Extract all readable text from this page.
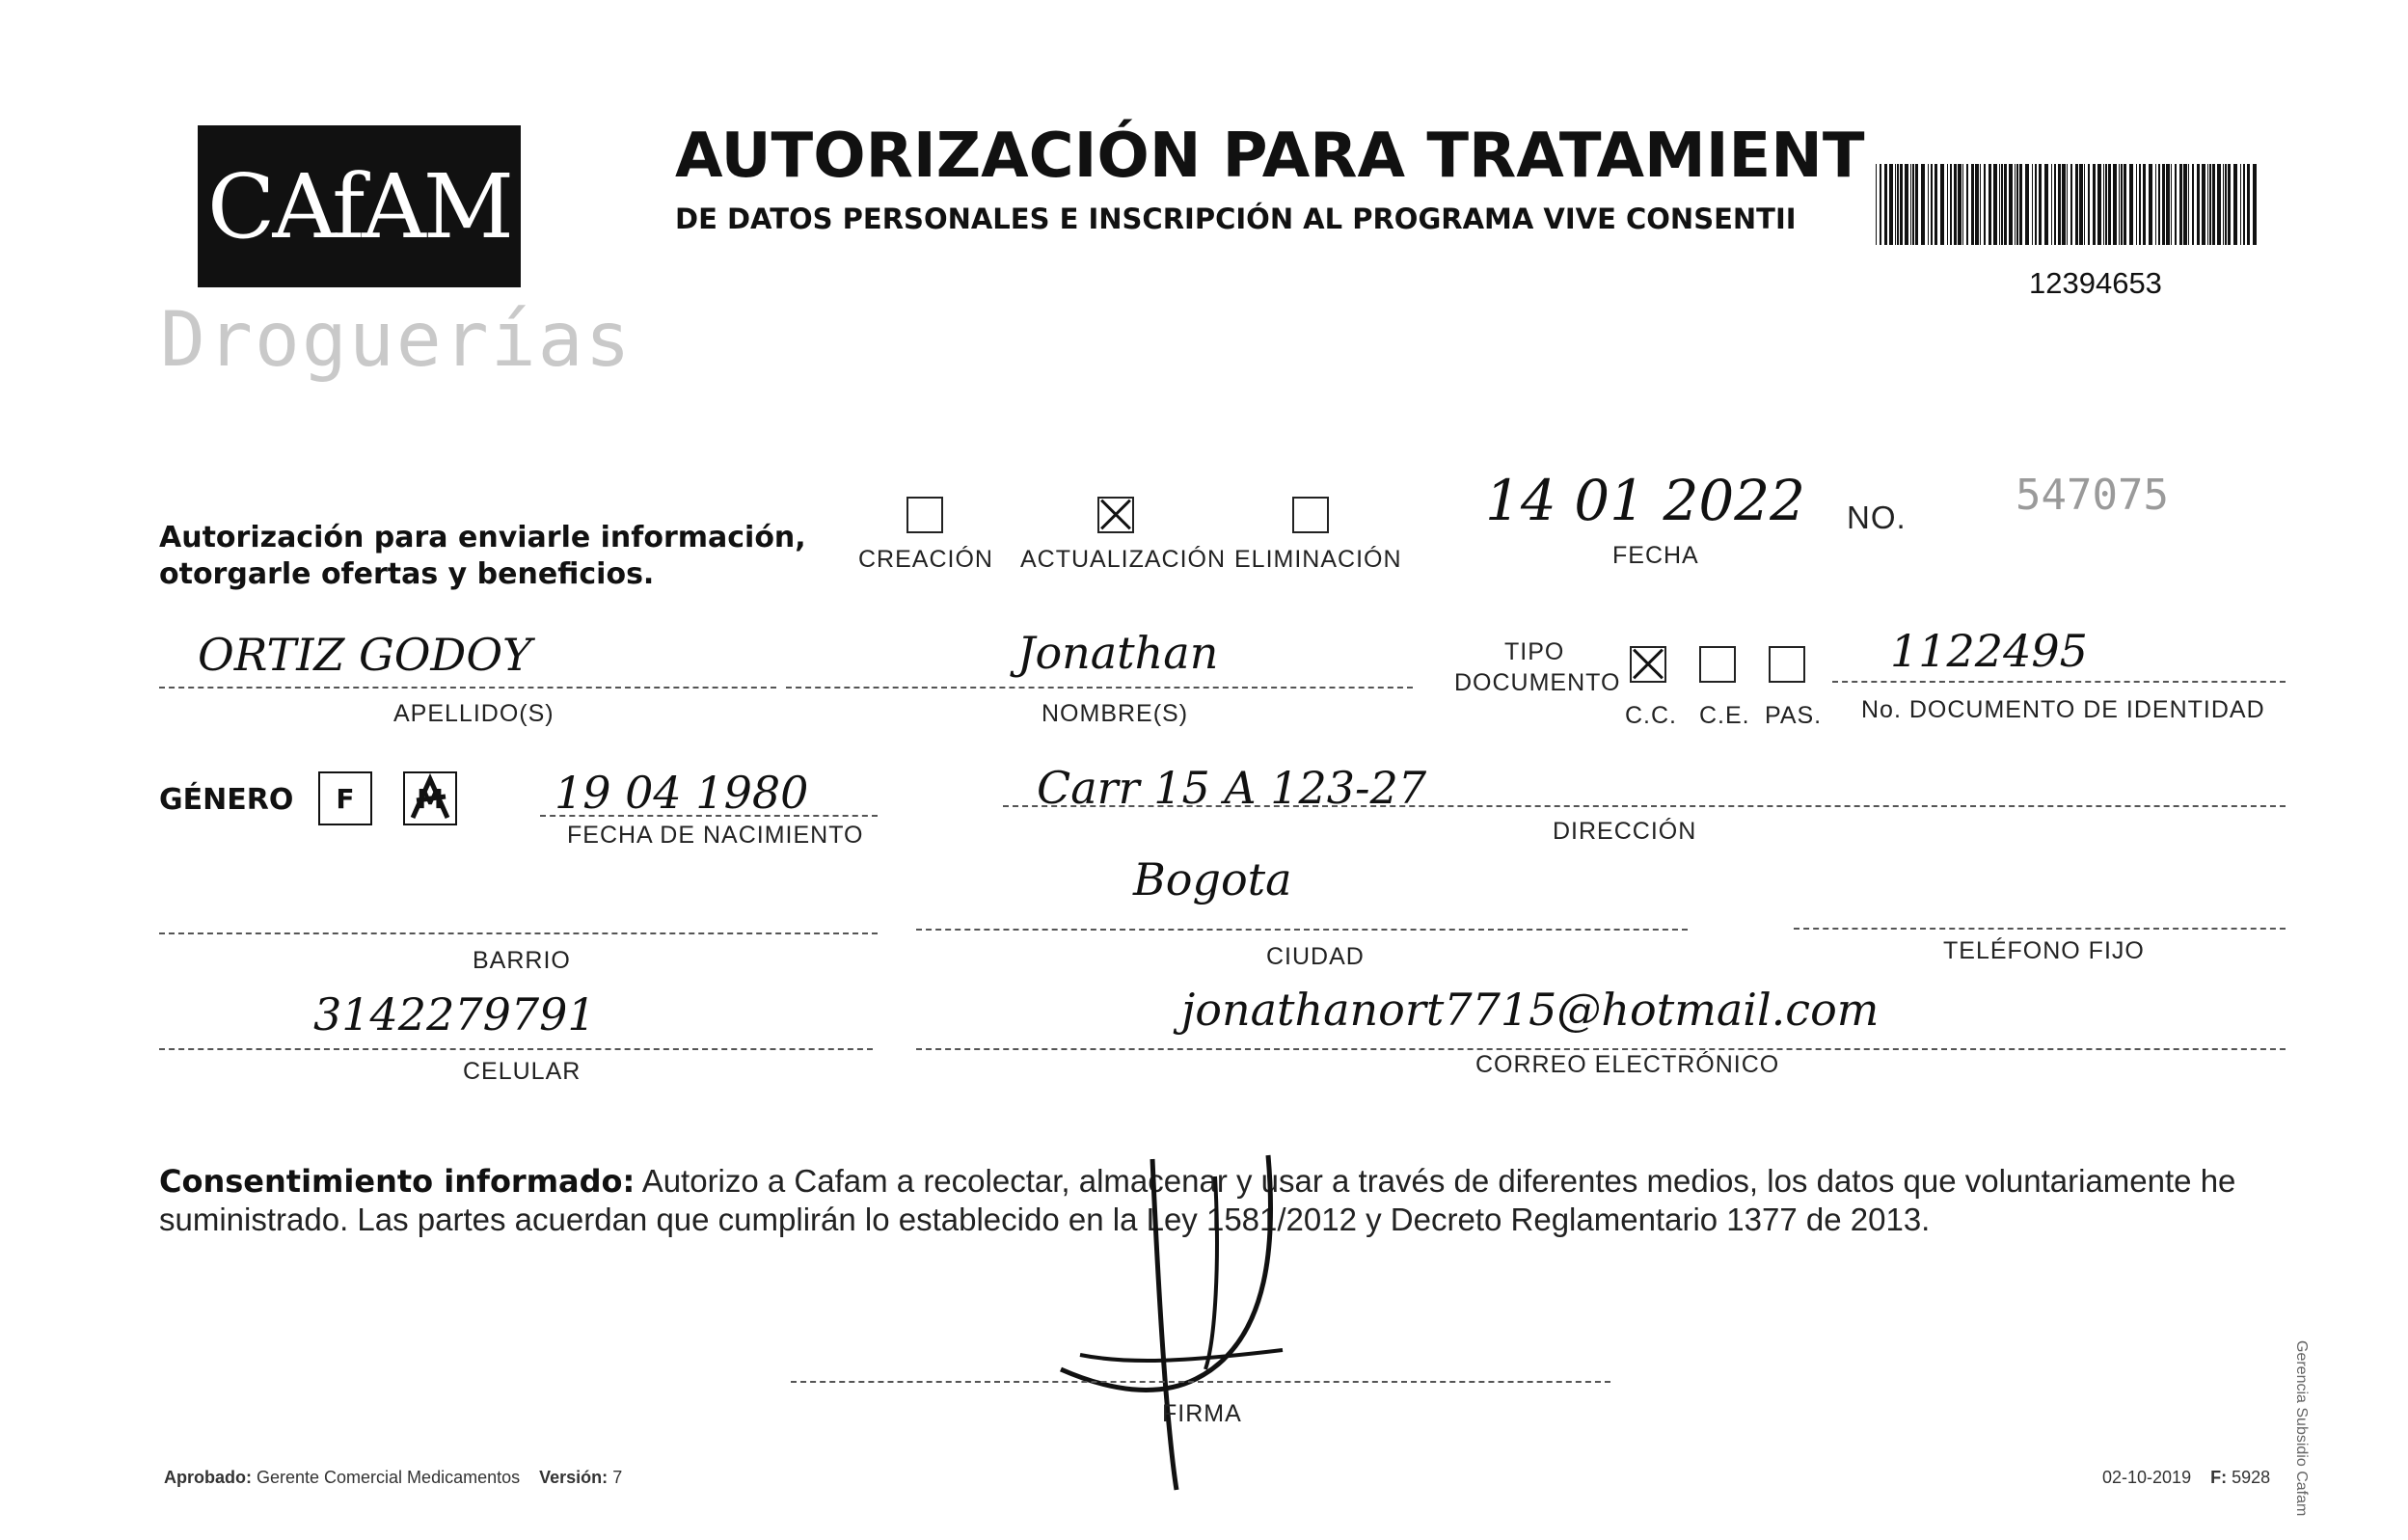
CAfAM
Droguerías
AUTORIZACIÓN PARA TRATAMIENT
DE DATOS PERSONALES E INSCRIPCIÓN AL PROGRAMA VIVE CONSENTII
12394653
Autorización para enviarle información,
otorgarle ofertas y beneficios.	CREACIÓN ACTUALIZACIÓN ELIMINACIÓN
14 01 2022
FECHA
NO.	547075
ORTIZ GODOY
APELLIDO(S)
Jonathan
NOMBRE(S)
TIPO
DOCUMENTO
C.C. C.E. PAS.
1122495
No. DOCUMENTO DE IDENTIDAD
GÉNERO F M	19 04 1980
FECHA DE NACIMIENTO
Carr 15 A 123-27
DIRECCIÓN
BARRIO
Bogota
CIUDAD	TELÉFONO FIJO
3142279791
CELULAR
jonathanort7715@hotmail.com
CORREO ELECTRÓNICO
Consentimiento informado: Autorizo a Cafam a recolectar, almacenar y usar a través de diferentes medios, los datos que voluntariamente he suministrado. Las partes acuerdan que cumplirán lo establecido en la Ley 1581/2012 y Decreto Reglamentario 1377 de 2013.
FIRMA
Aprobado: Gerente Comercial Medicamentos Versión: 7	02-10-2019 F: 5928 Gerencia Subsidio Cafam
